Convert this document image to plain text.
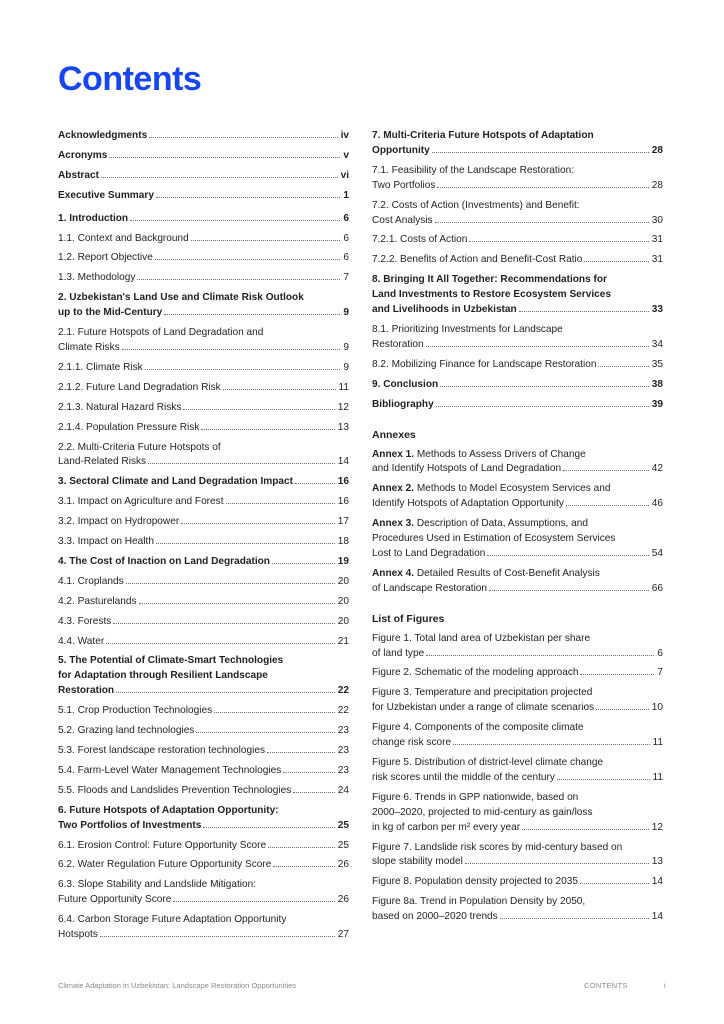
Contents
Acknowledgments	iv
Acronyms	v
Abstract	vi
Executive Summary	1
1. Introduction	6
1.1. Context and Background	6
1.2. Report Objective	6
1.3. Methodology	7
2. Uzbekistan's Land Use and Climate Risk Outlook
up to the Mid-Century	9
2.1. Future Hotspots of Land Degradation and
Climate Risks	9
2.1.1. Climate Risk	9
2.1.2. Future Land Degradation Risk	11
2.1.3. Natural Hazard Risks	12
2.1.4. Population Pressure Risk	13
2.2. Multi-Criteria Future Hotspots of
Land-Related Risks	14
3. Sectoral Climate and Land Degradation Impact	16
3.1. Impact on Agriculture and Forest	16
3.2. Impact on Hydropower	17
3.3. Impact on Health	18
4. The Cost of Inaction on Land Degradation	19
4.1. Croplands	20
4.2. Pasturelands	20
4.3. Forests	20
4.4. Water	21
5. The Potential of Climate-Smart Technologies
for Adaptation through Resilient Landscape
Restoration	22
5.1. Crop Production Technologies	22
5.2. Grazing land technologies	23
5.3. Forest landscape restoration technologies	23
5.4. Farm-Level Water Management Technologies	23
5.5. Floods and Landslides Prevention Technologies	24
6. Future Hotspots of Adaptation Opportunity:
Two Portfolios of Investments	25
6.1. Erosion Control: Future Opportunity Score	25
6.2. Water Regulation Future Opportunity Score	26
6.3. Slope Stability and Landslide Mitigation:
Future Opportunity Score	26
6.4. Carbon Storage Future Adaptation Opportunity
Hotspots	27
7. Multi-Criteria Future Hotspots of Adaptation
Opportunity	28
7.1. Feasibility of the Landscape Restoration:
Two Portfolios	28
7.2. Costs of Action (Investments) and Benefit:
Cost Analysis	30
7.2.1. Costs of Action	31
7.2.2. Benefits of Action and Benefit-Cost Ratio	31
8. Bringing It All Together: Recommendations for
Land Investments to Restore Ecosystem Services
and Livelihoods in Uzbekistan	33
8.1. Prioritizing Investments for Landscape
Restoration	34
8.2. Mobilizing Finance for Landscape Restoration	35
9. Conclusion	38
Bibliography	39
Annexes
Annex 1. Methods to Assess Drivers of Change
and Identify Hotspots of Land Degradation	42
Annex 2. Methods to Model Ecosystem Services and
Identify Hotspots of Adaptation Opportunity	46
Annex 3. Description of Data, Assumptions, and
Procedures Used in Estimation of Ecosystem Services
Lost to Land Degradation	54
Annex 4. Detailed Results of Cost-Benefit Analysis
of Landscape Restoration	66
List of Figures
Figure 1. Total land area of Uzbekistan per share
of land type	6
Figure 2. Schematic of the modeling approach	7
Figure 3. Temperature and precipitation projected
for Uzbekistan under a range of climate scenarios	10
Figure 4. Components of the composite climate
change risk score	11
Figure 5. Distribution of district-level climate change
risk scores until the middle of the century	11
Figure 6. Trends in GPP nationwide, based on
2000–2020, projected to mid-century as gain/loss
in kg of carbon per m² every year	12
Figure 7. Landslide risk scores by mid-century based on
slope stability model	13
Figure 8. Population density projected to 2035	14
Figure 8a. Trend in Population Density by 2050,
based on 2000–2020 trends	14
Climate Adaptation in Uzbekistan: Landscape Restoration Opportunities	CONTENTS	i
